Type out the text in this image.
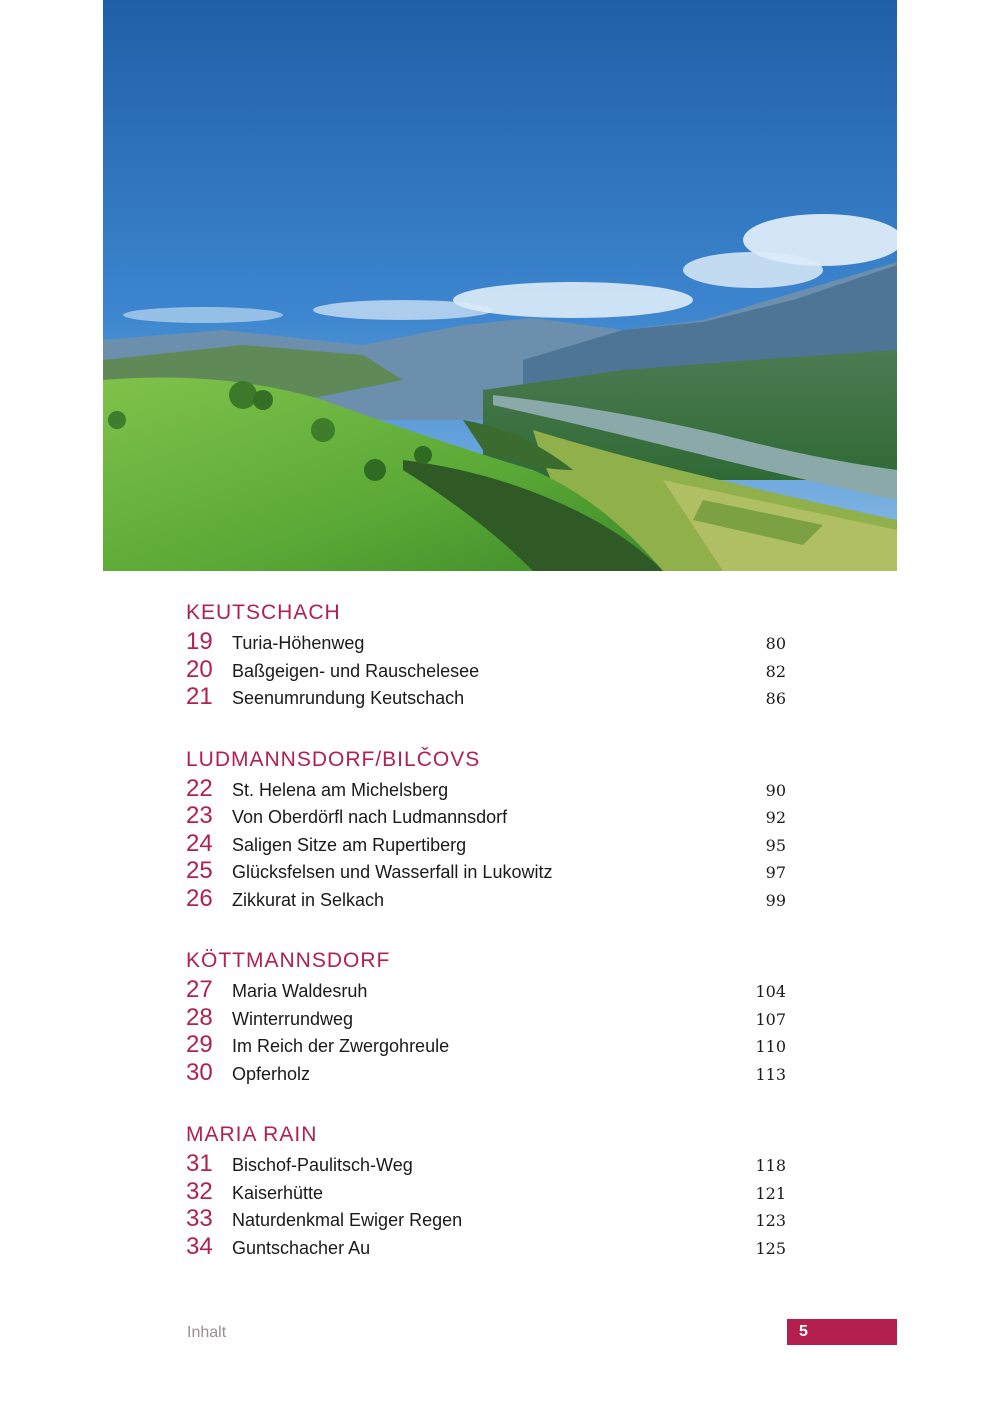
KEUTSCHACH
19	Turia-Höhenweg	80
20	Baßgeigen- und Rauschelesee	82
21	Seenumrundung Keutschach	86
LUDMANNSDORF/BILČOVS
22	St. Helena am Michelsberg	90
23	Von Oberdörfl nach Ludmannsdorf	92
24	Saligen Sitze am Rupertiberg	95
25	Glücksfelsen und Wasserfall in Lukowitz	97
26	Zikkurat in Selkach	99
KÖTTMANNSDORF
27	Maria Waldesruh	104
28	Winterrundweg	107
29	Im Reich der Zwergohreule	110
30	Opferholz	113
MARIA RAIN
31	Bischof-Paulitsch-Weg	118
32	Kaiserhütte	121
33	Naturdenkmal Ewiger Regen	123
34	Guntschacher Au	125
Inhalt	5
